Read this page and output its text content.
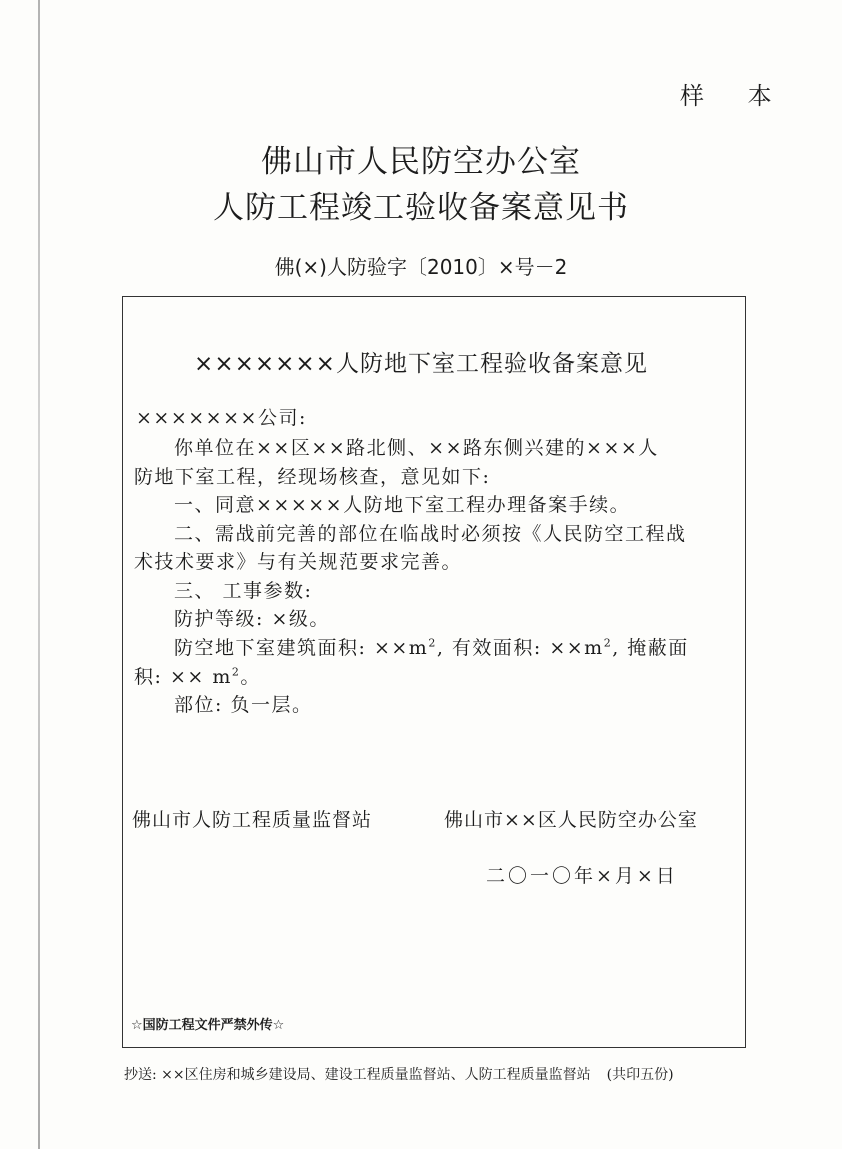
样 本
佛山市人民防空办公室
人防工程竣工验收备案意见书
佛(×)人防验字〔2010〕×号－2
×××××××人防地下室工程验收备案意见
×××××××公司:
你单位在××区××路北侧、××路东侧兴建的×××人
防地下室工程，经现场核查，意见如下:
一、同意×××××人防地下室工程办理备案手续。
二、需战前完善的部位在临战时必须按《人民防空工程战
术技术要求》与有关规范要求完善。
三、 工事参数:
防护等级: ×级。
防空地下室建筑面积: $\times\times m^2$, 有效面积: $\times\times m^2$, 掩蔽面
积: ×× $m^2$。
部位: 负一层。
佛山市人防工程质量监督站	佛山市××区人民防空办公室
二〇一〇年×月×日
☆国防工程文件严禁外传☆
抄送: ××区住房和城乡建设局、建设工程质量监督站、人防工程质量监督站 (共印五份)
